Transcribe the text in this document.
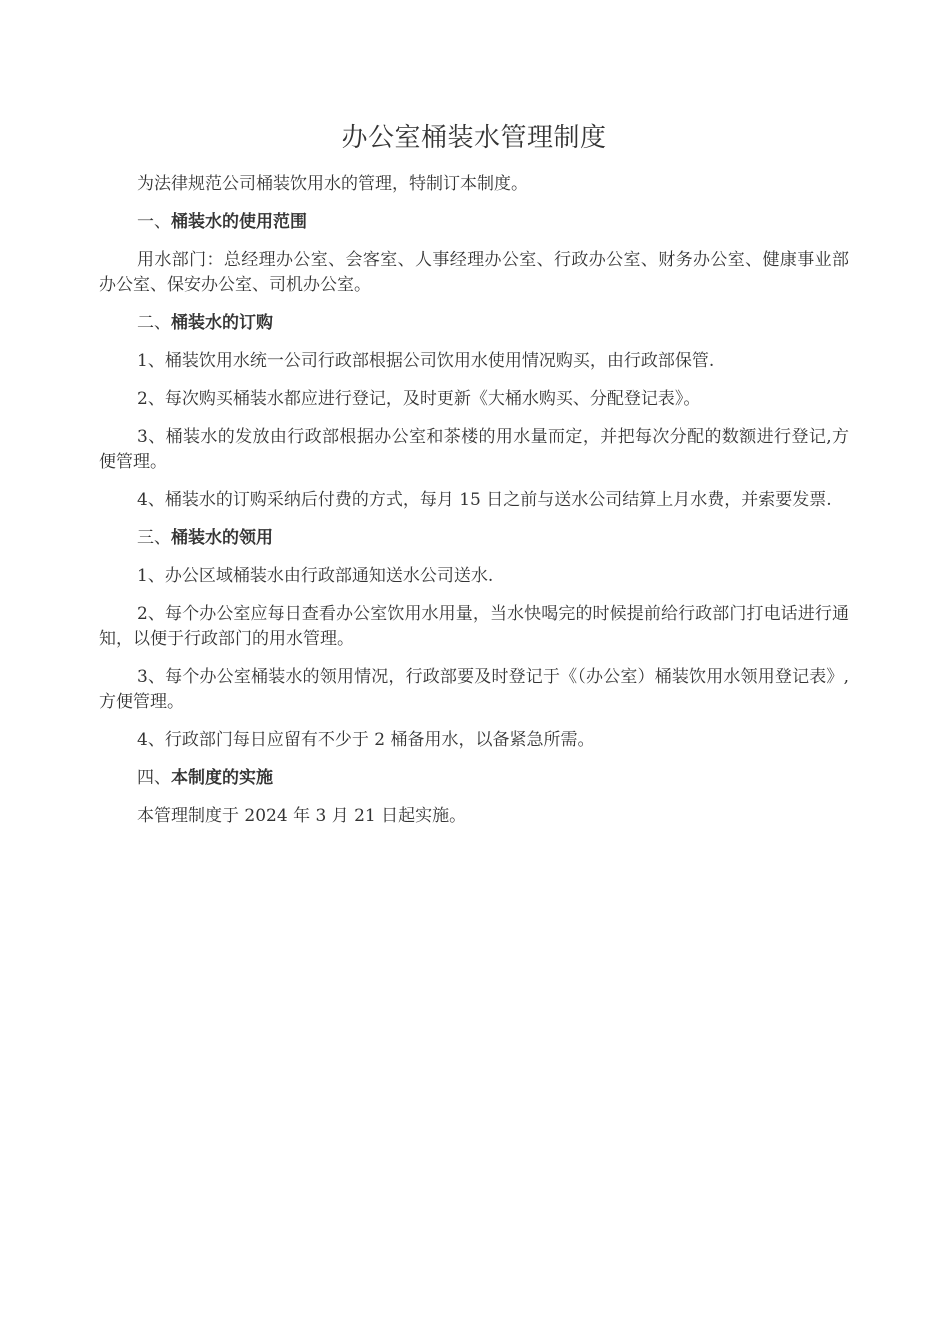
办公室桶装水管理制度

为法律规范公司桶装饮用水的管理，特制订本制度。

一、桶装水的使用范围

用水部门：总经理办公室、会客室、人事经理办公室、行政办公室、财务办公室、健康事业部办公室、保安办公室、司机办公室。

二、桶装水的订购

1、桶装饮用水统一公司行政部根据公司饮用水使用情况购买，由行政部保管.

2、每次购买桶装水都应进行登记，及时更新《大桶水购买、分配登记表》。

3、桶装水的发放由行政部根据办公室和茶楼的用水量而定，并把每次分配的数额进行登记,方便管理。

4、桶装水的订购采纳后付费的方式，每月 15 日之前与送水公司结算上月水费，并索要发票.

三、桶装水的领用

1、办公区域桶装水由行政部通知送水公司送水.

2、每个办公室应每日查看办公室饮用水用量，当水快喝完的时候提前给行政部门打电话进行通知，以便于行政部门的用水管理。

3、每个办公室桶装水的领用情况，行政部要及时登记于《（办公室）桶装饮用水领用登记表》,方便管理。

4、行政部门每日应留有不少于 2 桶备用水，以备紧急所需。

四、本制度的实施

本管理制度于 2024 年 3 月 21 日起实施。
